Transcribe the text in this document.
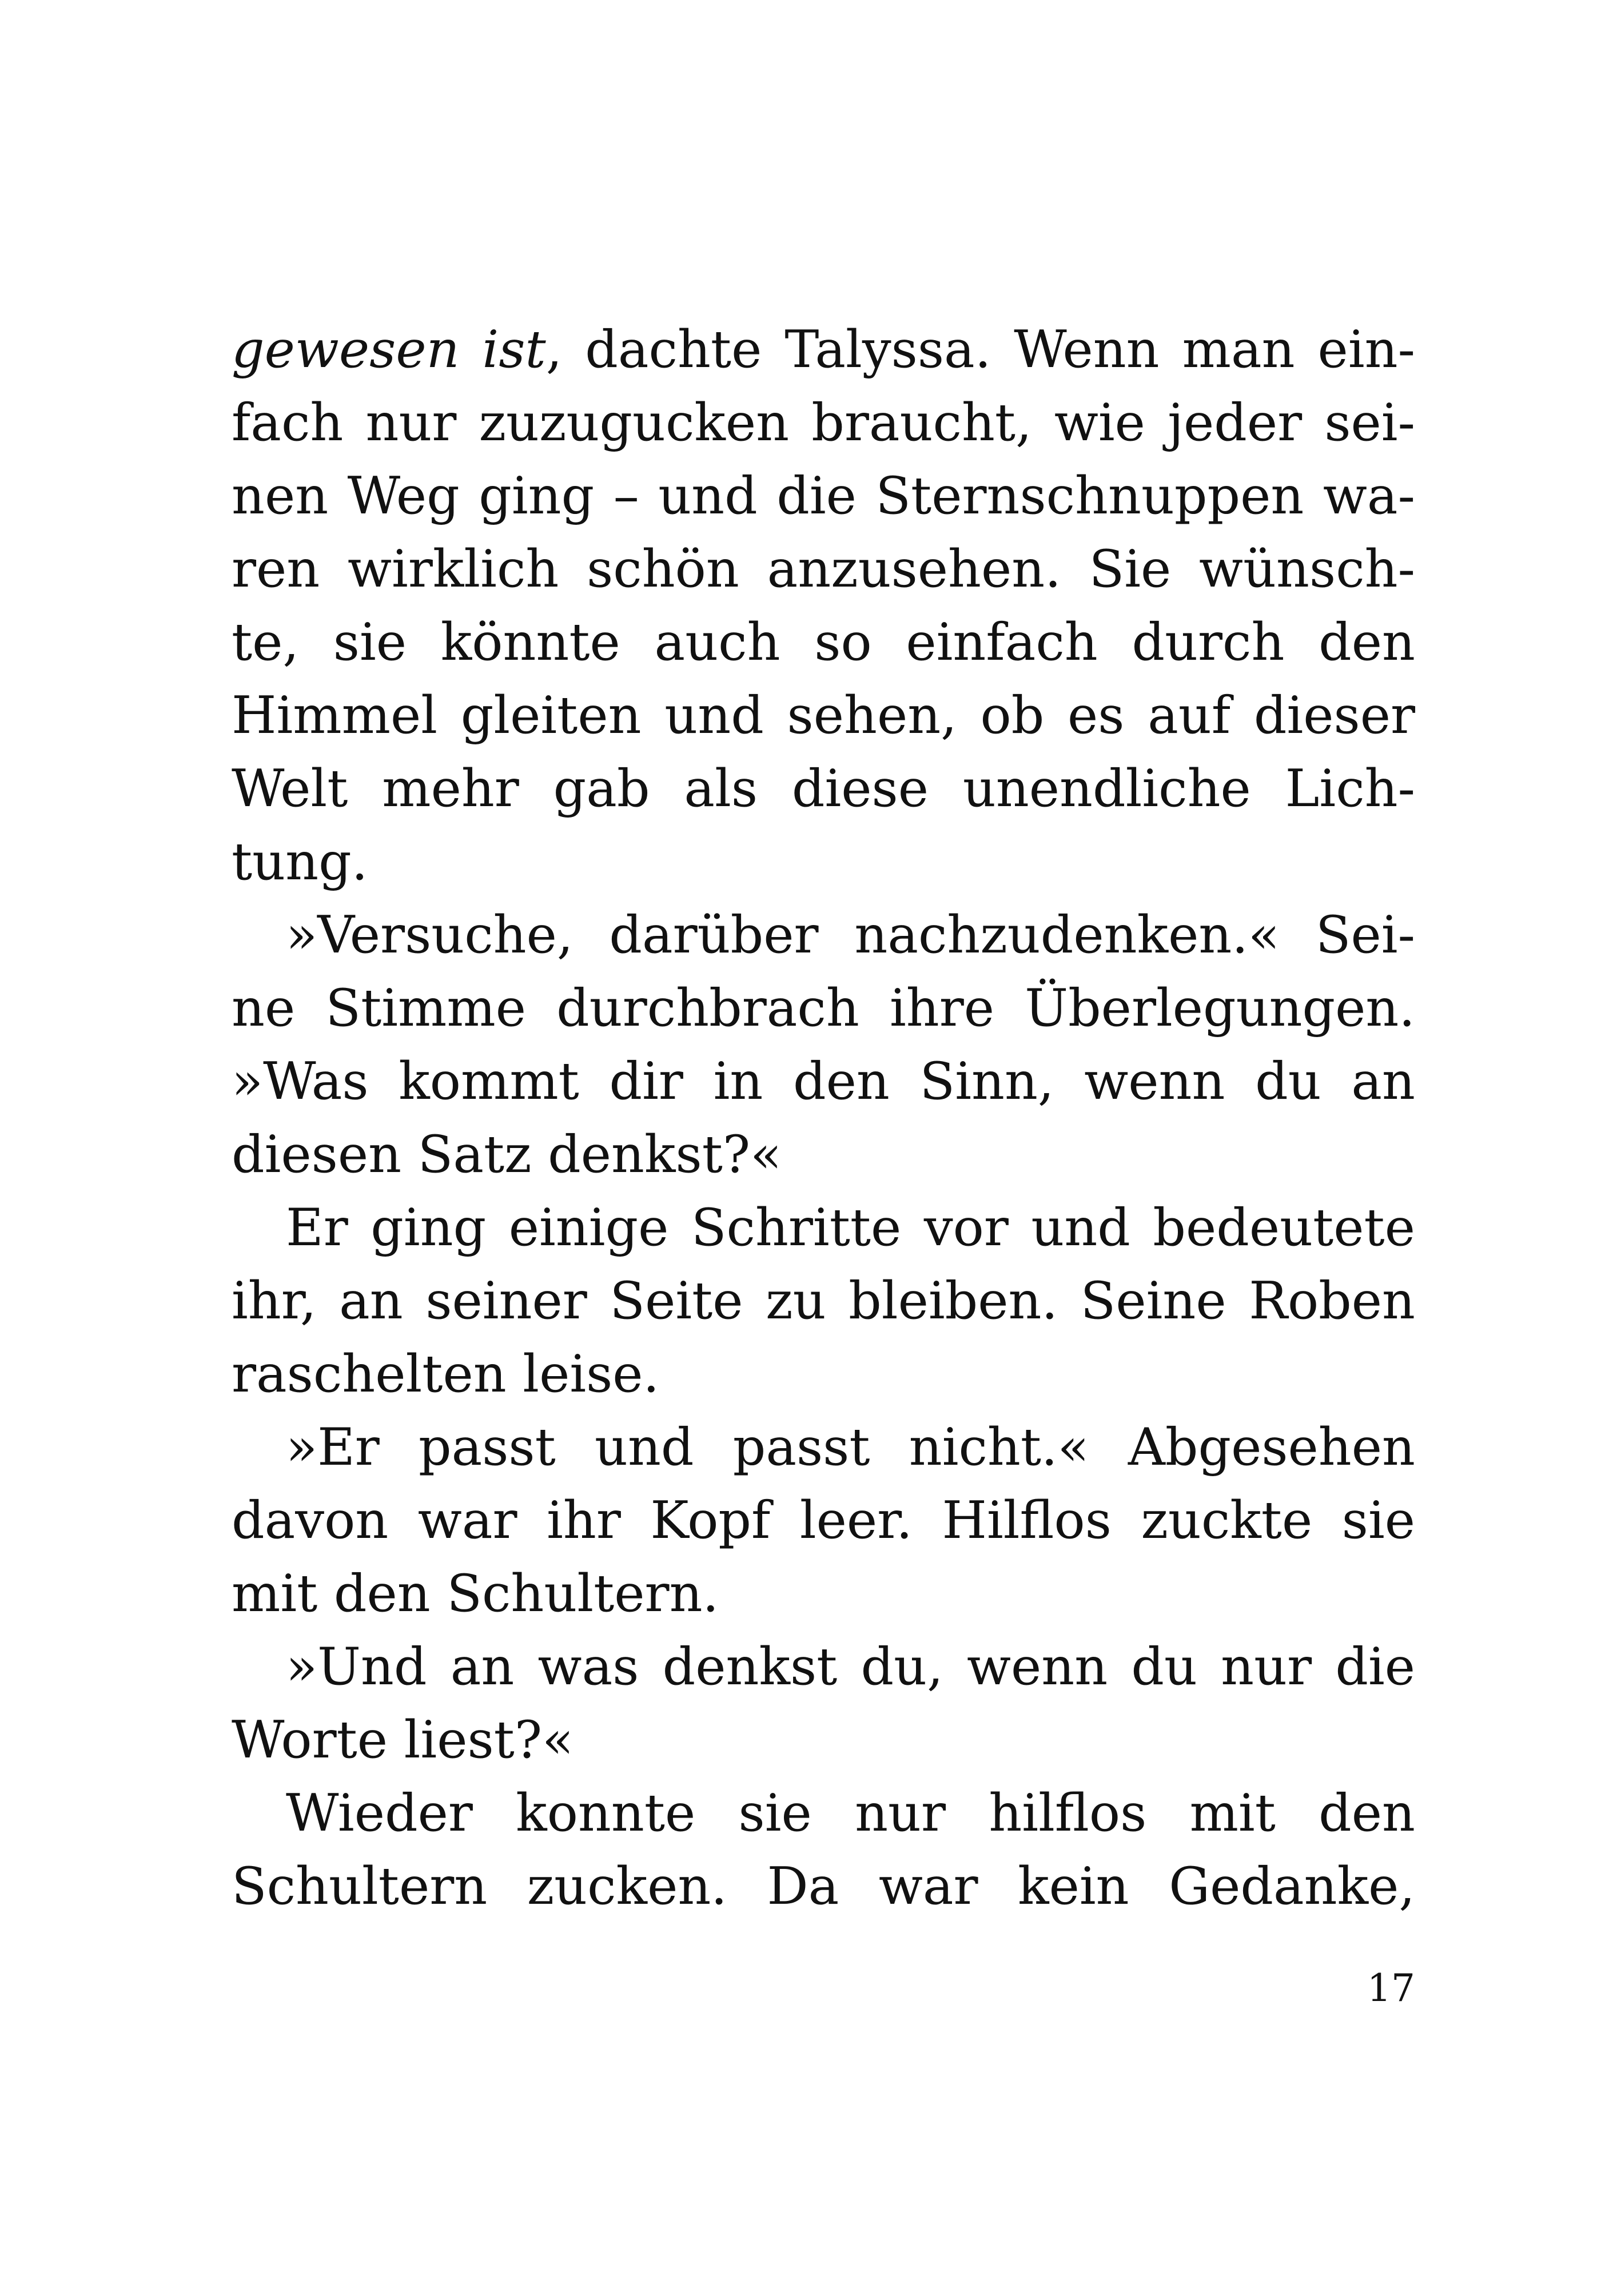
gewesen ist, dachte Talyssa. Wenn man ein-
fach nur zuzugucken braucht, wie jeder sei-
nen Weg ging – und die Sternschnuppen wa-
ren wirklich schön anzusehen. Sie wünsch-
te, sie könnte auch so einfach durch den
Himmel gleiten und sehen, ob es auf dieser
Welt mehr gab als diese unendliche Lich-
tung.
»Versuche, darüber nachzudenken.« Sei-
ne Stimme durchbrach ihre Überlegungen.
»Was kommt dir in den Sinn, wenn du an
diesen Satz denkst?«
Er ging einige Schritte vor und bedeutete
ihr, an seiner Seite zu bleiben. Seine Roben
raschelten leise.
»Er passt und passt nicht.« Abgesehen
davon war ihr Kopf leer. Hilflos zuckte sie
mit den Schultern.
»Und an was denkst du, wenn du nur die
Worte liest?«
Wieder konnte sie nur hilflos mit den
Schultern zucken. Da war kein Gedanke,
17
